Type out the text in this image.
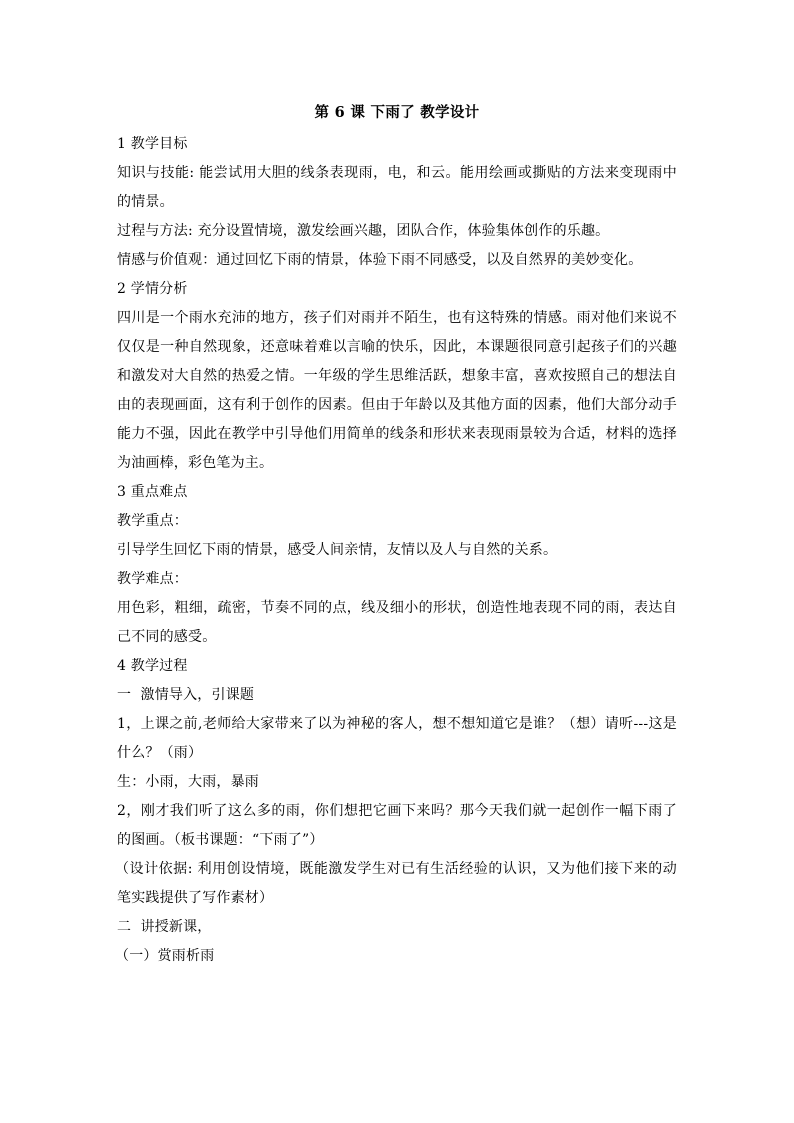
第 6 课 下雨了 教学设计

1 教学目标

知识与技能: 能尝试用大胆的线条表现雨，电，和云。能用绘画或撕贴的方法来变现雨中的情景。

过程与方法: 充分设置情境，激发绘画兴趣，团队合作，体验集体创作的乐趣。

情感与价值观：通过回忆下雨的情景，体验下雨不同感受，以及自然界的美妙变化。

2 学情分析

四川是一个雨水充沛的地方，孩子们对雨并不陌生，也有这特殊的情感。雨对他们来说不仅仅是一种自然现象，还意味着难以言喻的快乐，因此，本课题很同意引起孩子们的兴趣和激发对大自然的热爱之情。一年级的学生思维活跃，想象丰富，喜欢按照自己的想法自由的表现画面，这有利于创作的因素。但由于年龄以及其他方面的因素，他们大部分动手能力不强，因此在教学中引导他们用简单的线条和形状来表现雨景较为合适，材料的选择为油画棒，彩色笔为主。

3 重点难点

教学重点：

引导学生回忆下雨的情景，感受人间亲情，友情以及人与自然的关系。

教学难点：

用色彩，粗细，疏密，节奏不同的点，线及细小的形状，创造性地表现不同的雨，表达自己不同的感受。

4 教学过程

一  激情导入，引课题

1，上课之前,老师给大家带来了以为神秘的客人，想不想知道它是谁？（想）请听---这是什么？（雨）

生：小雨，大雨，暴雨

2，刚才我们听了这么多的雨，你们想把它画下来吗？那今天我们就一起创作一幅下雨了的图画。（板书课题：“下雨了”）

（设计依据: 利用创设情境，既能激发学生对已有生活经验的认识，又为他们接下来的动笔实践提供了写作素材）

二  讲授新课，

（一）赏雨析雨
